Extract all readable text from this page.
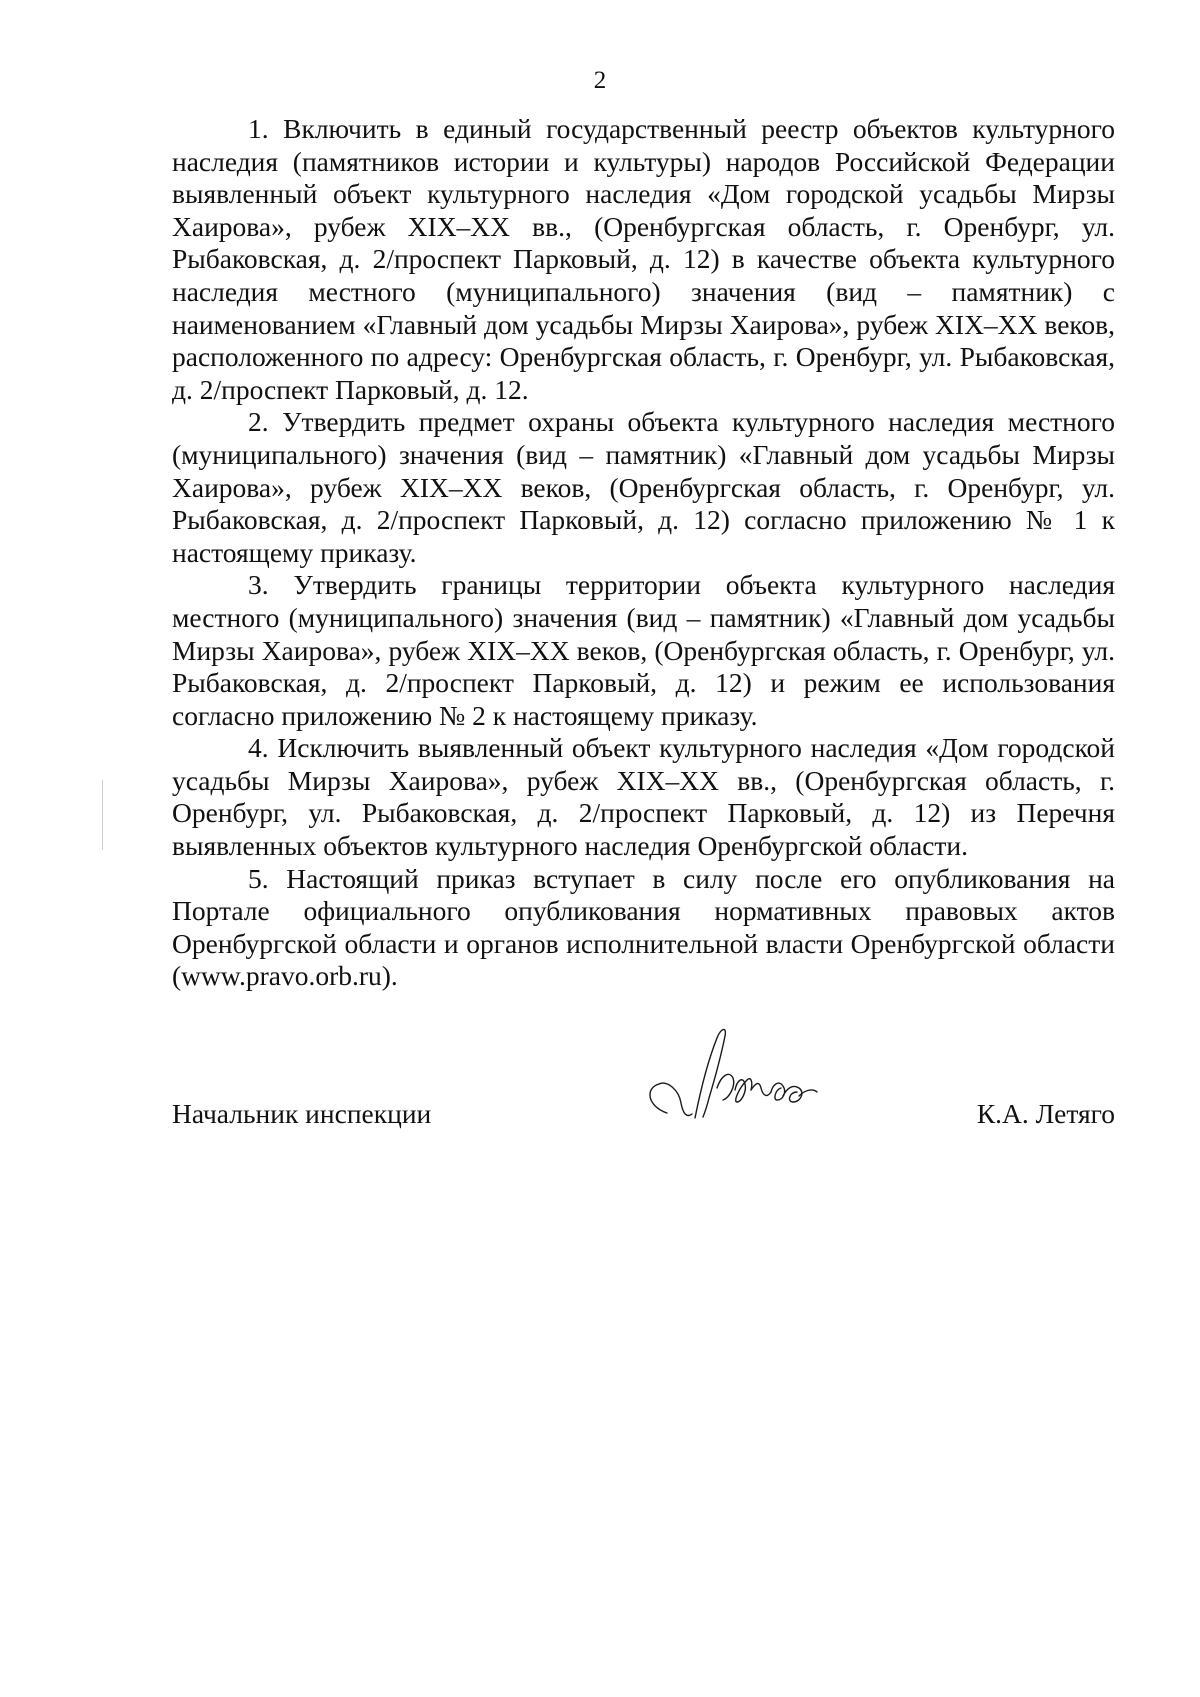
2

1. Включить в единый государственный реестр объектов культурного наследия (памятников истории и культуры) народов Российской Федерации выявленный объект культурного наследия «Дом городской усадьбы Мирзы Хаирова», рубеж XIX–XX вв., (Оренбургская область, г. Оренбург, ул. Рыбаковская, д. 2/проспект Парковый, д. 12) в качестве объекта культурного наследия местного (муниципального) значения (вид – памятник) с наименованием «Главный дом усадьбы Мирзы Хаирова», рубеж XIX–XX веков, расположенного по адресу: Оренбургская область, г. Оренбург, ул. Рыбаковская, д. 2/проспект Парковый, д. 12.

2. Утвердить предмет охраны объекта культурного наследия местного (муниципального) значения (вид – памятник) «Главный дом усадьбы Мирзы Хаирова», рубеж XIX–XX веков, (Оренбургская область, г. Оренбург, ул. Рыбаковская, д. 2/проспект Парковый, д. 12) согласно приложению № 1 к настоящему приказу.

3. Утвердить границы территории объекта культурного наследия местного (муниципального) значения (вид – памятник) «Главный дом усадьбы Мирзы Хаирова», рубеж XIX–XX веков, (Оренбургская область, г. Оренбург, ул. Рыбаковская, д. 2/проспект Парковый, д. 12) и режим ее использования согласно приложению № 2 к настоящему приказу.

4. Исключить выявленный объект культурного наследия «Дом городской усадьбы Мирзы Хаирова», рубеж XIX–XX вв., (Оренбургская область, г. Оренбург, ул. Рыбаковская, д. 2/проспект Парковый, д. 12) из Перечня выявленных объектов культурного наследия Оренбургской области.

5. Настоящий приказ вступает в силу после его опубликования на Портале официального опубликования нормативных правовых актов Оренбургской области и органов исполнительной власти Оренбургской области (www.pravo.orb.ru).

Начальник инспекции	К.А. Летяго
